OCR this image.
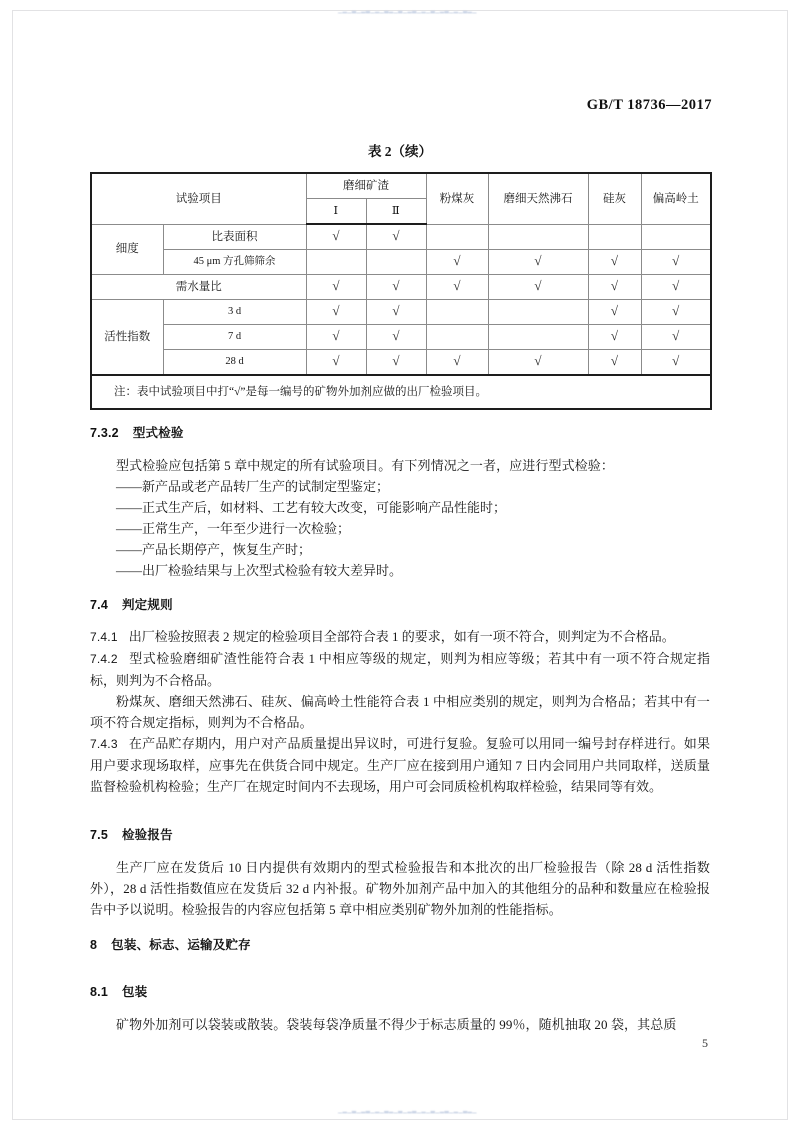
▁▂▁▃▁▂▃▁▂▁▃▂▁▃▁▂▃▁▂▁▃▁▂▃▁▂▁▃▂▁
▁▂▁▃▁▂▃▁▂▁▃▂▁▃▁▂▃▁▂▁▃▁▂▃▁▂▁▃▂▁
GB/T 18736—2017
表 2（续）
试验项目		磨细矿渣		粉煤灰	磨细天然沸石	硅灰	偏高岭土
		Ⅰ	Ⅱ				
细度	比表面积	√	√				
	45 μm 方孔筛筛余			√	√	√	√
需水量比		√	√	√	√	√	√
活性指数	3 d	√	√			√	√
	7 d	√	√			√	√
	28 d	√	√	√	√	√	√
注：表中试验项目中打“√”是每一编号的矿物外加剂应做的出厂检验项目。							
7.3.2 型式检验

型式检验应包括第 5 章中规定的所有试验项目。有下列情况之一者，应进行型式检验：

——新产品或老产品转厂生产的试制定型鉴定；

——正式生产后，如材料、工艺有较大改变，可能影响产品性能时；

——正常生产，一年至少进行一次检验；

——产品长期停产，恢复生产时；

——出厂检验结果与上次型式检验有较大差异时。

7.4 判定规则

7.4.1 出厂检验按照表 2 规定的检验项目全部符合表 1 的要求，如有一项不符合，则判定为不合格品。

7.4.2 型式检验磨细矿渣性能符合表 1 中相应等级的规定，则判为相应等级；若其中有一项不符合规定指标，则判为不合格品。

粉煤灰、磨细天然沸石、硅灰、偏高岭土性能符合表 1 中相应类别的规定，则判为合格品；若其中有一项不符合规定指标，则判为不合格品。

7.4.3 在产品贮存期内，用户对产品质量提出异议时，可进行复验。复验可以用同一编号封存样进行。如果用户要求现场取样，应事先在供货合同中规定。生产厂应在接到用户通知 7 日内会同用户共同取样，送质量监督检验机构检验；生产厂在规定时间内不去现场，用户可会同质检机构取样检验，结果同等有效。

7.5 检验报告

生产厂应在发货后 10 日内提供有效期内的型式检验报告和本批次的出厂检验报告（除 28 d 活性指数外），28 d 活性指数值应在发货后 32 d 内补报。矿物外加剂产品中加入的其他组分的品种和数量应在检验报告中予以说明。检验报告的内容应包括第 5 章中相应类别矿物外加剂的性能指标。

8 包装、标志、运输及贮存
8.1 包装

矿物外加剂可以袋装或散装。袋装每袋净质量不得少于标志质量的 99％，随机抽取 20 袋，其总质

5
